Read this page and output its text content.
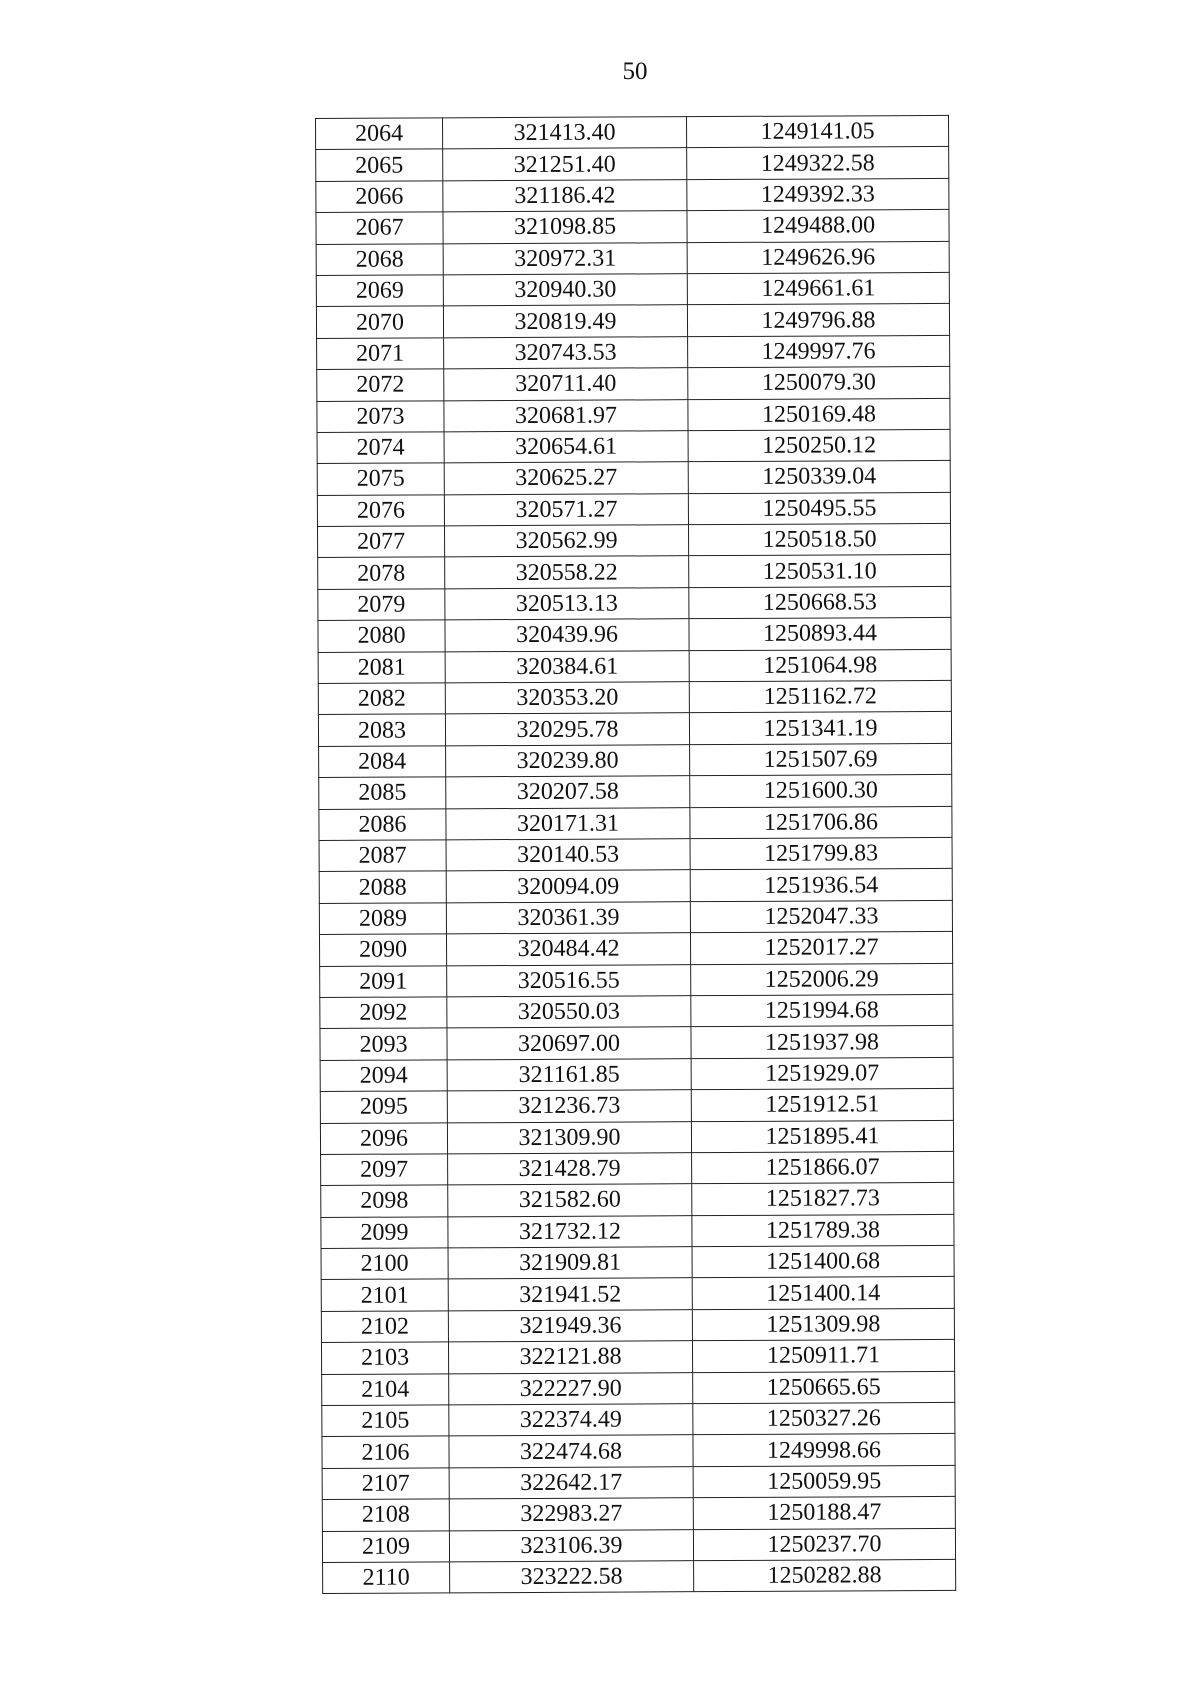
50
2064	321413.40	1249141.05
2065	321251.40	1249322.58
2066	321186.42	1249392.33
2067	321098.85	1249488.00
2068	320972.31	1249626.96
2069	320940.30	1249661.61
2070	320819.49	1249796.88
2071	320743.53	1249997.76
2072	320711.40	1250079.30
2073	320681.97	1250169.48
2074	320654.61	1250250.12
2075	320625.27	1250339.04
2076	320571.27	1250495.55
2077	320562.99	1250518.50
2078	320558.22	1250531.10
2079	320513.13	1250668.53
2080	320439.96	1250893.44
2081	320384.61	1251064.98
2082	320353.20	1251162.72
2083	320295.78	1251341.19
2084	320239.80	1251507.69
2085	320207.58	1251600.30
2086	320171.31	1251706.86
2087	320140.53	1251799.83
2088	320094.09	1251936.54
2089	320361.39	1252047.33
2090	320484.42	1252017.27
2091	320516.55	1252006.29
2092	320550.03	1251994.68
2093	320697.00	1251937.98
2094	321161.85	1251929.07
2095	321236.73	1251912.51
2096	321309.90	1251895.41
2097	321428.79	1251866.07
2098	321582.60	1251827.73
2099	321732.12	1251789.38
2100	321909.81	1251400.68
2101	321941.52	1251400.14
2102	321949.36	1251309.98
2103	322121.88	1250911.71
2104	322227.90	1250665.65
2105	322374.49	1250327.26
2106	322474.68	1249998.66
2107	322642.17	1250059.95
2108	322983.27	1250188.47
2109	323106.39	1250237.70
2110	323222.58	1250282.88
